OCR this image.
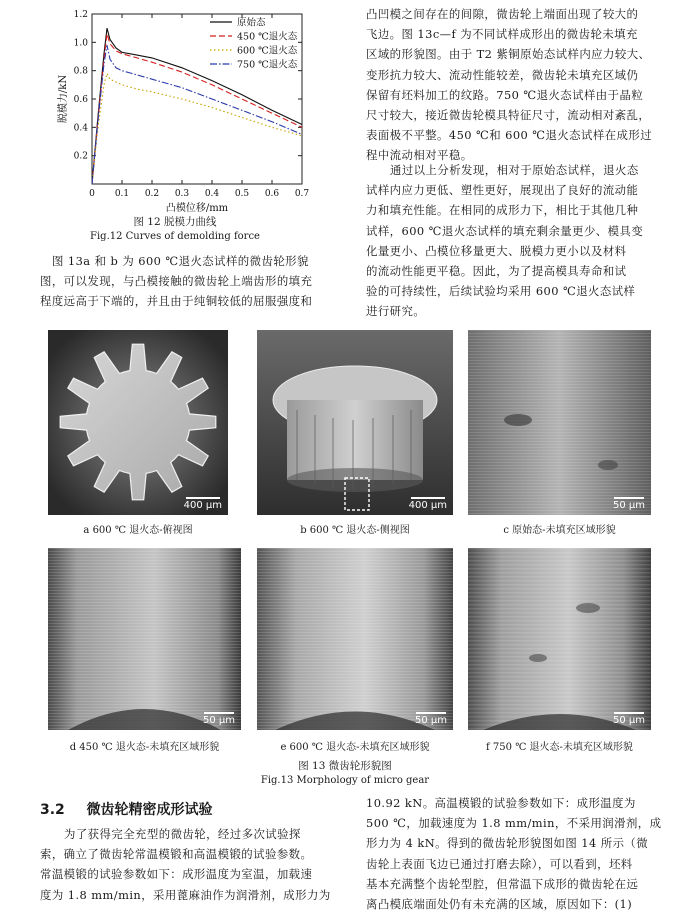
0 0.1 0.2 0.3 0.4 0.5 0.6 0.7
0.2
0.4
0.6
0.8
1.0
1.2
凸模位移/mm
脱模力/kN
原始态
450 ℃退火态
600 ℃退火态
750 ℃退火态
图 12 脱模力曲线
Fig.12 Curves of demolding force

图 13a 和 b 为 600 ℃退火态试样的微齿轮形貌

图，可以发现，与凸模接触的微齿轮上端齿形的填充

程度远高于下端的，并且由于纯铜较低的屈服强度和

凸凹模之间存在的间隙，微齿轮上端面出现了较大的

飞边。图 13c—f 为不同试样成形出的微齿轮未填充

区域的形貌图。由于 T2 紫铜原始态试样内应力较大、

变形抗力较大、流动性能较差，微齿轮未填充区域仍

保留有坯料加工的纹路。750 ℃退火态试样由于晶粒

尺寸较大，接近微齿轮模具特征尺寸，流动相对紊乱，

表面极不平整。450 ℃和 600 ℃退火态试样在成形过

程中流动相对平稳。

通过以上分析发现，相对于原始态试样，退火态

试样内应力更低、塑性更好，展现出了良好的流动能

力和填充性能。在相同的成形力下，相比于其他几种

试样，600 ℃退火态试样的填充剩余量更少、模具变

化量更小、凸模位移量更大、脱模力更小以及材料

的流动性能更平稳。因此，为了提高模具寿命和试

验的可持续性，后续试验均采用 600 ℃退火态试样

进行研究。

400 μm	400 μm	50 μm
a 600 ℃ 退火态-俯视图	b 600 ℃ 退火态-侧视图	c 原始态-未填充区域形貌
50 μm	50 μm	50 μm
d 450 ℃ 退火态-未填充区域形貌	e 600 ℃ 退火态-未填充区域形貌	f 750 ℃ 退火态-未填充区域形貌
图 13 微齿轮形貌图
Fig.13 Morphology of micro gear
3.2 微齿轮精密成形试验

为了获得完全充型的微齿轮，经过多次试验探

索，确立了微齿轮常温模锻和高温模锻的试验参数。

常温模锻的试验参数如下：成形温度为室温，加载速

度为 1.8 mm/min，采用蓖麻油作为润滑剂，成形力为

10.92 kN。高温模锻的试验参数如下：成形温度为

500 ℃，加载速度为 1.8 mm/min，不采用润滑剂，成

形力为 4 kN。得到的微齿轮形貌图如图 14 所示（微

齿轮上表面飞边已通过打磨去除），可以看到，坯料

基本充满整个齿轮型腔，但常温下成形的微齿轮在远

离凸模底端面处仍有未充满的区域，原因如下：(1)
